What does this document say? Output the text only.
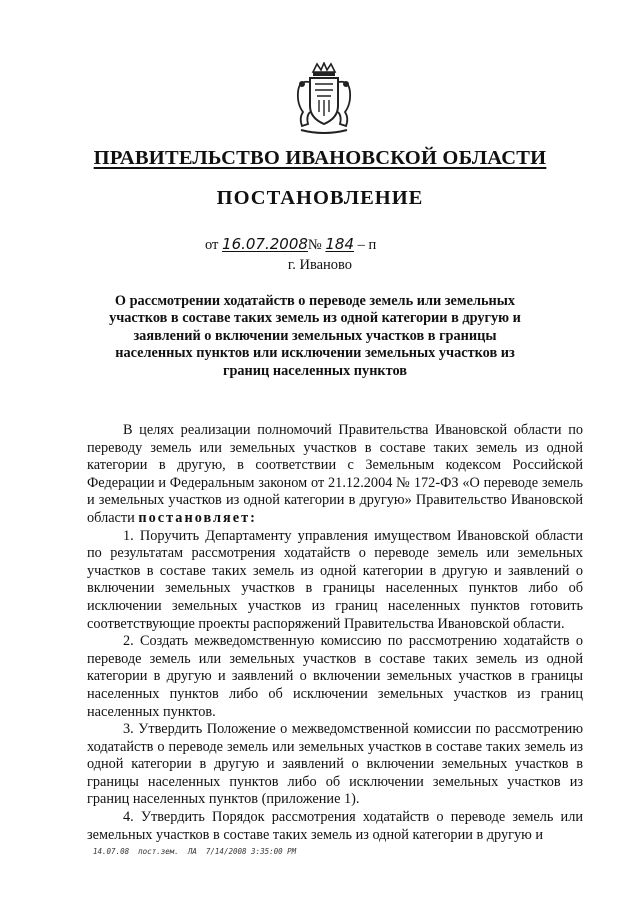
ПРАВИТЕЛЬСТВО ИВАНОВСКОЙ ОБЛАСТИ
ПОСТАНОВЛЕНИЕ
от 16.07.2008№ 184 – п
г. Иваново
О рассмотрении ходатайств о переводе земель или земельных участков в составе таких земель из одной категории в другую и заявлений о включении земельных участков в границы населенных пунктов или исключении земельных участков из границ населенных пунктов

В целях реализации полномочий Правительства Ивановской области по переводу земель или земельных участков в составе таких земель из одной категории в другую, в соответствии с Земельным кодексом Российской Федерации и Федеральным законом от 21.12.2004 № 172-ФЗ «О переводе земель и земельных участков из одной категории в другую» Правительство Ивановской области постановляет:

1. Поручить Департаменту управления имуществом Ивановской области по результатам рассмотрения ходатайств о переводе земель или земельных участков в составе таких земель из одной категории в другую и заявлений о включении земельных участков в границы населенных пунктов либо об исключении земельных участков из границ населенных пунктов готовить соответствующие проекты распоряжений Правительства Ивановской области.

2. Создать межведомственную комиссию по рассмотрению ходатайств о переводе земель или земельных участков в составе таких земель из одной категории в другую и заявлений о включении земельных участков в границы населенных пунктов либо об исключении земельных участков из границ населенных пунктов.

3. Утвердить Положение о межведомственной комиссии по рассмотрению ходатайств о переводе земель или земельных участков в составе таких земель из одной категории в другую и заявлений о включении земельных участков в границы населенных пунктов либо об исключении земельных участков из границ населенных пунктов (приложение 1).

4. Утвердить Порядок рассмотрения ходатайств о переводе земель или земельных участков в составе таких земель из одной категории в другую и

14.07.08  пост.зем.  ЛА  7/14/2008 3:35:00 PM
